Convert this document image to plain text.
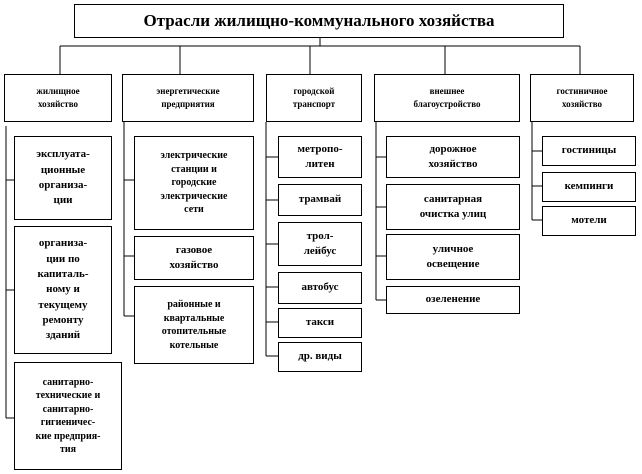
Отрасли жилищно-коммунального хозяйства
жилищное
хозяйство
эксплуата-
ционные
организа-
ции
организа-
ции по
капиталь-
ному и
текущему
ремонту
зданий
санитарно-
технические и
санитарно-
гигиеничес-
кие предприя-
тия
энергетические
предприятия
электрические
станции и
городские
электрические
сети
газовое
хозяйство
районные и
квартальные
отопительные
котельные
городской
транспорт
метропо-
литен
трамвай
трол-
лейбус
автобус
такси
др. виды
внешнее
благоустройство
дорожное
хозяйство
санитарная
очистка улиц
уличное
освещение
озеленение
гостиничное
хозяйство
гостиницы
кемпинги
мотели
